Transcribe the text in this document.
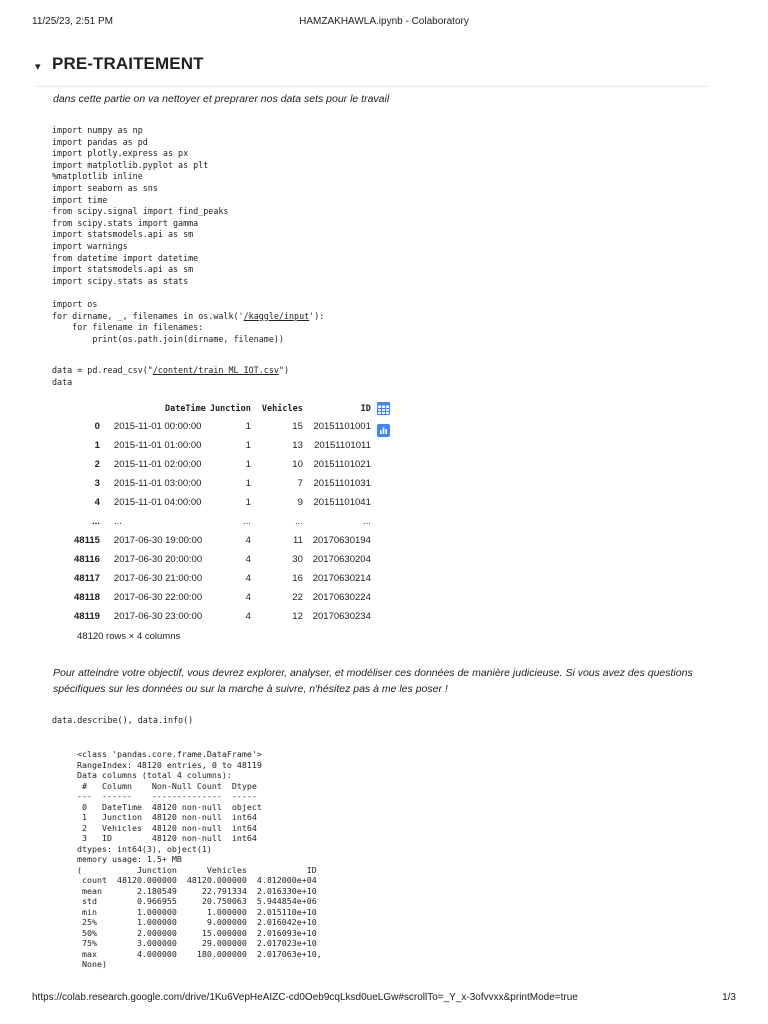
11/25/23, 2:51 PM	HAMZAKHAWLA.ipynb - Colaboratory
▾ PRE-TRAITEMENT
dans cette partie on va nettoyer et preprarer nos data sets pour le travail
import numpy as np
import pandas as pd
import plotly.express as px
import matplotlib.pyplot as plt
%matplotlib inline
import seaborn as sns
import time
from scipy.signal import find_peaks
from scipy.stats import gamma
import statsmodels.api as sm
import warnings
from datetime import datetime
import statsmodels.api as sm
import scipy.stats as stats
import os
for dirname, _, filenames in os.walk('/kaggle/input'):
for filename in filenames:
print(os.path.join(dirname, filename))
data = pd.read_csv("/content/train_ML_IOT.csv")
data
	DateTime	Junction	Vehicles	ID
0	2015-11-01 00:00:00	1	15	20151101001
1	2015-11-01 01:00:00	1	13	20151101011
2	2015-11-01 02:00:00	1	10	20151101021
3	2015-11-01 03:00:00	1	7	20151101031
4	2015-11-01 04:00:00	1	9	20151101041
...	...	...	...	...
48115	2017-06-30 19:00:00	4	11	20170630194
48116	2017-06-30 20:00:00	4	30	20170630204
48117	2017-06-30 21:00:00	4	16	20170630214
48118	2017-06-30 22:00:00	4	22	20170630224
48119	2017-06-30 23:00:00	4	12	20170630234
48120 rows × 4 columns
Pour atteindre votre objectif, vous devrez explorer, analyser, et modéliser ces données de manière judicieuse. Si vous avez des questions spécifiques sur les données ou sur la marche à suivre, n'hésitez pas à me les poser !
data.describe(), data.info()
<class 'pandas.core.frame.DataFrame'>
RangeIndex: 48120 entries, 0 to 48119
Data columns (total 4 columns):
#   Column    Non-Null Count  Dtype
---  ------    --------------  -----
0   DateTime  48120 non-null  object
1   Junction  48120 non-null  int64
2   Vehicles  48120 non-null  int64
3   ID        48120 non-null  int64
dtypes: int64(3), object(1)
memory usage: 1.5+ MB
(           Junction      Vehicles            ID
count  48120.000000  48120.000000  4.812000e+04
mean       2.180549     22.791334  2.016330e+10
std        0.966955     20.750063  5.944854e+06
min        1.000000      1.000000  2.015110e+10
25%        1.000000      9.000000  2.016042e+10
50%        2.000000     15.000000  2.016093e+10
75%        3.000000     29.000000  2.017023e+10
max        4.000000    180.000000  2.017063e+10,
None)
https://colab.research.google.com/drive/1Ku6VepHeAIZC-cd0Oeb9cqLksd0ueLGw#scrollTo=_Y_x-3ofvvxx&printMode=true	1/3
